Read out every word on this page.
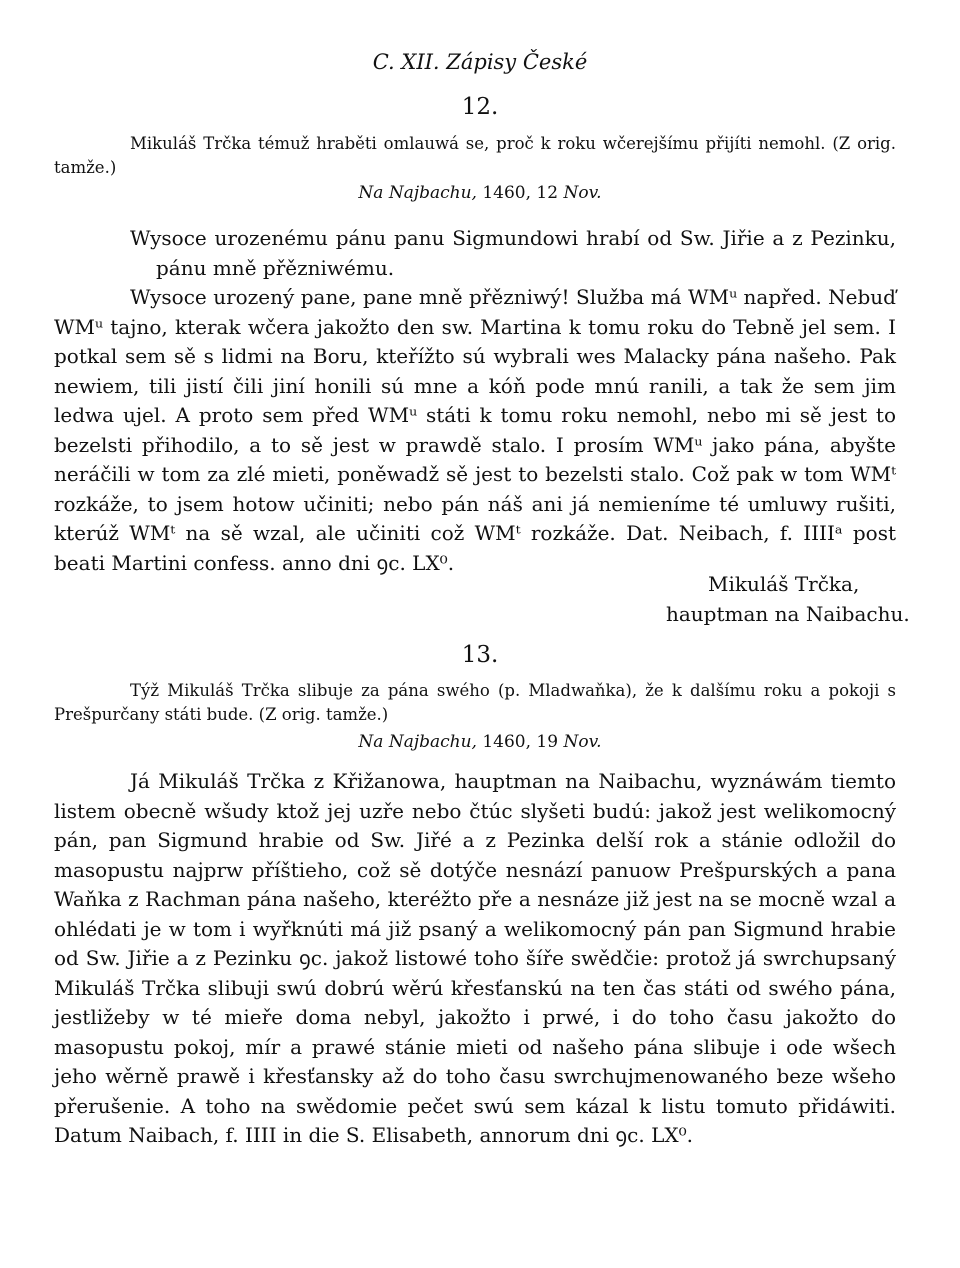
C. XII. Zápisy České
12.
Mikuláš Trčka témuž hraběti omlauwá se, proč k roku wčerejšímu přijíti nemohl. (Z orig. tamže.)
Na Najbachu, 1460, 12 Nov.

Wysoce urozenému pánu panu Sigmundowi hrabí od Sw. Jiřie a z Pezinku, pánu mně přězniwému.

Wysoce urozený pane, pane mně přězniwý! Služba má WMᵘ napřed. Nebuď WMᵘ tajno, kterak wčera jakožto den sw. Martina k tomu roku do Tebně jel sem. I potkal sem sě s lidmi na Boru, kteřížto sú wybrali wes Malacky pána našeho. Pak newiem, tili jistí čili jiní honili sú mne a kóň pode mnú ranili, a tak že sem jim ledwa ujel. A proto sem před WMᵘ státi k tomu roku nemohl, nebo mi sě jest to bezelsti přihodilo, a to sě jest w prawdě stalo. I prosím WMᵘ jako pána, abyšte neráčili w tom za zlé mieti, poněwadž sě jest to bezelsti stalo. Což pak w tom WMᵗ rozkáže, to jsem hotow učiniti; nebo pán náš ani já nemieníme té umluwy rušiti, kterúž WMᵗ na sě wzal, ale učiniti což WMᵗ rozkáže. Dat. Neibach, f. IIIIᵃ post beati Martini confess. anno dni ꝯc. LX⁰.

Mikuláš Trčka,
hauptman na Naibachu.
13.
Týž Mikuláš Trčka slibuje za pána swého (p. Mladwaňka), že k dalšímu roku a pokoji s Prešpurčany státi bude. (Z orig. tamže.)
Na Najbachu, 1460, 19 Nov.

Já Mikuláš Trčka z Křižanowa, hauptman na Naibachu, wyznáwám tiemto listem obecně wšudy ktož jej uzře nebo čtúc slyšeti budú: jakož jest welikomocný pán, pan Sigmund hrabie od Sw. Jiřé a z Pezinka delší rok a stánie odložil do masopustu najprw příštieho, což sě dotýče nesnází panuow Prešpurských a pana Waňka z Rachman pána našeho, kteréžto pře a nesnáze již jest na se mocně wzal a ohlédati je w tom i wyřknúti má již psaný a welikomocný pán pan Sigmund hrabie od Sw. Jiřie a z Pezinku ꝯc. jakož listowé toho šíře swědčie: protož já swrchupsaný Mikuláš Trčka slibuji swú dobrú wěrú křesťanskú na ten čas státi od swého pána, jestližeby w té mieře doma nebyl, jakožto i prwé, i do toho času jakožto do masopustu pokoj, mír a prawé stánie mieti od našeho pána slibuje i ode wšech jeho wěrně prawě i křesťansky až do toho času swrchujmenowaného beze wšeho přerušenie. A toho na swědomie pečet swú sem kázal k listu tomuto přidáwiti. Datum Naibach, f. IIII in die S. Elisabeth, annorum dni ꝯc. LX⁰.
